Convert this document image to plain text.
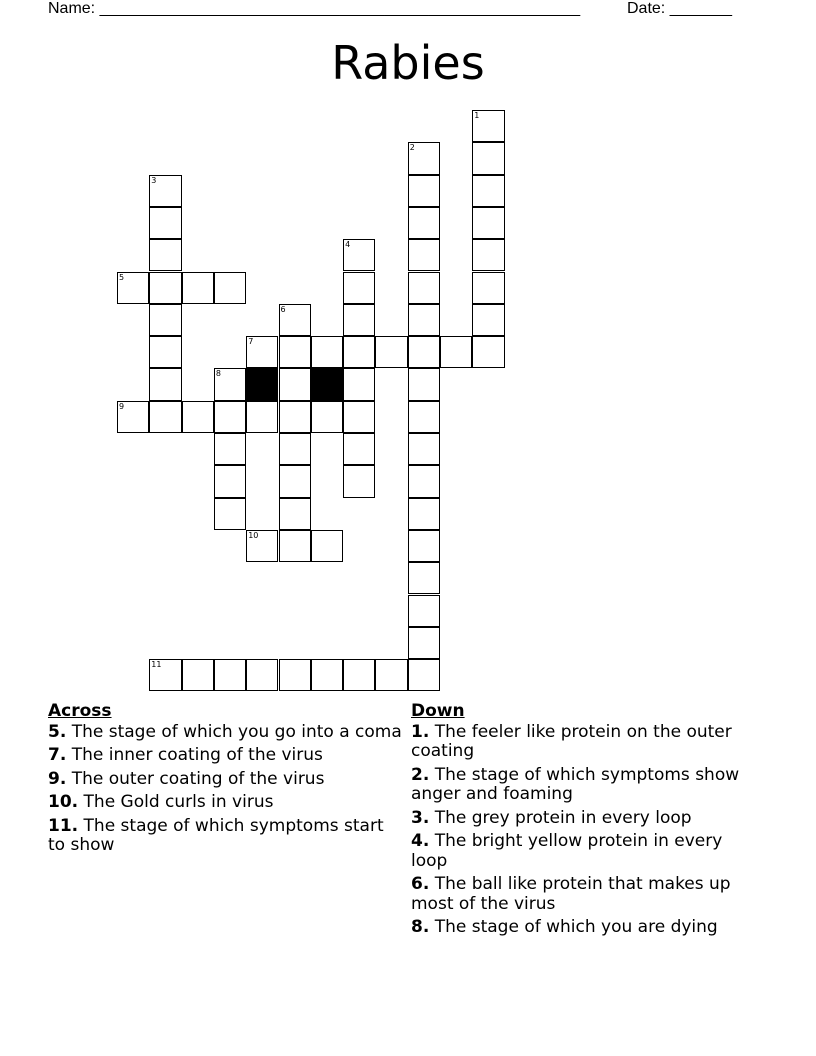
Name: ______________________________________________________	Date: _______
Rabies
1
2
3
4
5
6
7
8
9
10
11
Across
5. The stage of which you go into a coma
7. The inner coating of the virus
9. The outer coating of the virus
10. The Gold curls in virus
11. The stage of which symptoms start to show
Down
1. The feeler like protein on the outer coating
2. The stage of which symptoms show anger and foaming
3. The grey protein in every loop
4. The bright yellow protein in every loop
6. The ball like protein that makes up most of the virus
8. The stage of which you are dying
